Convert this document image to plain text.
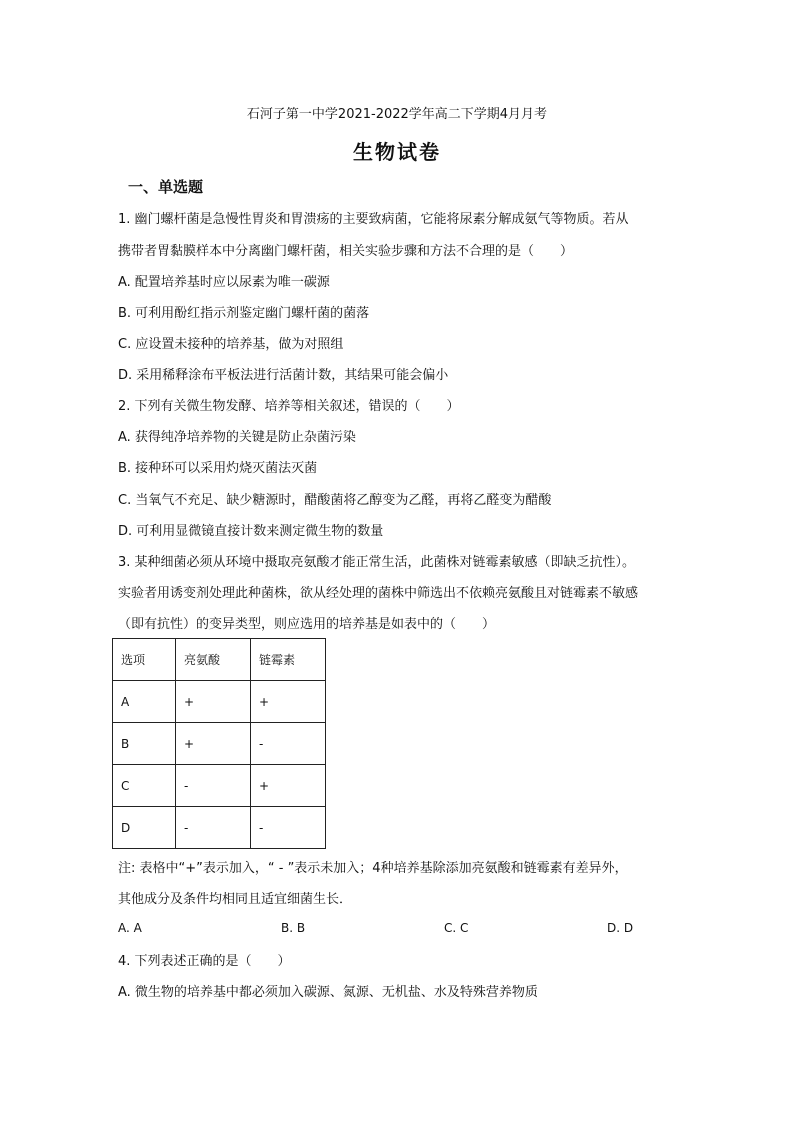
石河子第一中学2021-2022学年高二下学期4月月考
生物试卷
一、单选题
1. 幽门螺杆菌是急慢性胃炎和胃溃疡的主要致病菌，它能将尿素分解成氨气等物质。若从
携带者胃黏膜样本中分离幽门螺杆菌，相关实验步骤和方法不合理的是（　　）
A. 配置培养基时应以尿素为唯一碳源
B. 可利用酚红指示剂鉴定幽门螺杆菌的菌落
C. 应设置未接种的培养基，做为对照组
D. 采用稀释涂布平板法进行活菌计数，其结果可能会偏小
2. 下列有关微生物发酵、培养等相关叙述，错误的（　　）
A. 获得纯净培养物的关键是防止杂菌污染
B. 接种环可以采用灼烧灭菌法灭菌
C. 当氧气不充足、缺少糖源时，醋酸菌将乙醇变为乙醛，再将乙醛变为醋酸
D. 可利用显微镜直接计数来测定微生物的数量
3. 某种细菌必须从环境中摄取亮氨酸才能正常生活，此菌株对链霉素敏感（即缺乏抗性）。
实验者用诱变剂处理此种菌株，欲从经处理的菌株中筛选出不依赖亮氨酸且对链霉素不敏感
（即有抗性）的变异类型，则应选用的培养基是如表中的（　　）
选项	亮氨酸	链霉素
A	+	+
B	+	-
C	-	+
D	-	-
注: 表格中“+”表示加入，“ - ”表示未加入；4种培养基除添加亮氨酸和链霉素有差异外，
其他成分及条件均相同且适宜细菌生长．
A. A	B. B	C. C	D. D
4. 下列表述正确的是（　　）
A. 微生物的培养基中都必须加入碳源、氮源、无机盐、水及特殊营养物质
